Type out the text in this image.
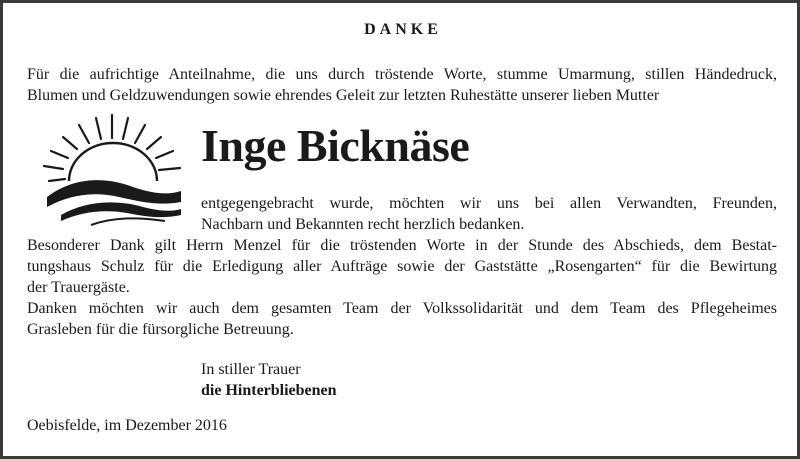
DANKE
Für die aufrichtige Anteilnahme, die uns durch tröstende Worte, stumme Umarmung, stillen Händedruck,
Blumen und Geldzuwendungen sowie ehrendes Geleit zur letzten Ruhestätte unserer lieben Mutter
Inge Bicknäse
entgegengebracht wurde, möchten wir uns bei allen Verwandten, Freunden,
Nachbarn und Bekannten recht herzlich bedanken.
Besonderer Dank gilt Herrn Menzel für die tröstenden Worte in der Stunde des Abschieds, dem Bestat-
tungshaus Schulz für die Erledigung aller Aufträge sowie der Gaststätte „Rosengarten“ für die Bewirtung
der Trauergäste.
Danken möchten wir auch dem gesamten Team der Volkssolidarität und dem Team des Pflegeheimes
Grasleben für die fürsorgliche Betreuung.
In stiller Trauer
die Hinterbliebenen
Oebisfelde, im Dezember 2016
